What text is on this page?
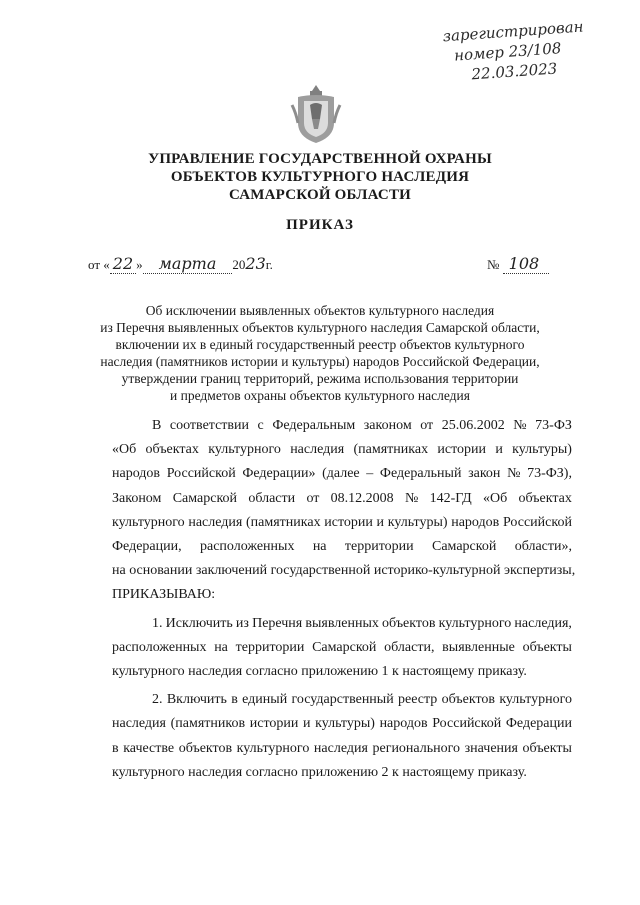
зарегистрирован
номер 23/108
22.03.2023
УПРАВЛЕНИЕ ГОСУДАРСТВЕННОЙ ОХРАНЫ
ОБЪЕКТОВ КУЛЬТУРНОГО НАСЛЕДИЯ
САМАРСКОЙ ОБЛАСТИ
ПРИКАЗ
от « 22 » марта 2023г.	№ 108
Об исключении выявленных объектов культурного наследия
из Перечня выявленных объектов культурного наследия Самарской области,
включении их в единый государственный реестр объектов культурного
наследия (памятников истории и культуры) народов Российской Федерации,
утверждении границ территорий, режима использования территории
и предметов охраны объектов культурного наследия
В соответствии с Федеральным законом от 25.06.2002 № 73-ФЗ
«Об объектах культурного наследия (памятниках истории и культуры)
народов Российской Федерации» (далее – Федеральный закон № 73-ФЗ),
Законом Самарской области от 08.12.2008 № 142-ГД «Об объектах
культурного наследия (памятниках истории и культуры) народов Российской
Федерации, расположенных на территории Самарской области»,
на основании заключений государственной историко-культурной экспертизы,
ПРИКАЗЫВАЮ:
1. Исключить из Перечня выявленных объектов культурного наследия,
расположенных на территории Самарской области, выявленные объекты
культурного наследия согласно приложению 1 к настоящему приказу.
2. Включить в единый государственный реестр объектов культурного
наследия (памятников истории и культуры) народов Российской Федерации
в качестве объектов культурного наследия регионального значения объекты
культурного наследия согласно приложению 2 к настоящему приказу.
